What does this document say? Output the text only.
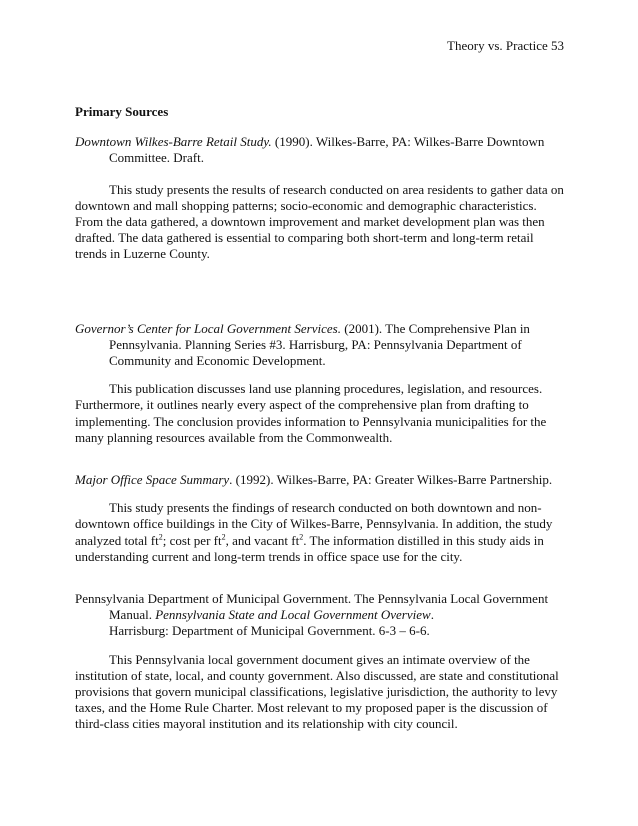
Theory vs. Practice 53

Primary Sources

Downtown Wilkes-Barre Retail Study. (1990). Wilkes-Barre, PA: Wilkes-Barre Downtown Committee. Draft.

This study presents the results of research conducted on area residents to gather data on downtown and mall shopping patterns; socio-economic and demographic characteristics. From the data gathered, a downtown improvement and market development plan was then drafted. The data gathered is essential to comparing both short-term and long-term retail trends in Luzerne County.

Governor’s Center for Local Government Services. (2001). The Comprehensive Plan in Pennsylvania. Planning Series #3. Harrisburg, PA: Pennsylvania Department of Community and Economic Development.

This publication discusses land use planning procedures, legislation, and resources. Furthermore, it outlines nearly every aspect of the comprehensive plan from drafting to implementing. The conclusion provides information to Pennsylvania municipalities for the many planning resources available from the Commonwealth.

Major Office Space Summary. (1992). Wilkes-Barre, PA: Greater Wilkes-Barre Partnership.

This study presents the findings of research conducted on both downtown and non-downtown office buildings in the City of Wilkes-Barre, Pennsylvania. In addition, the study analyzed total $ft^2$; cost per $ft^2$, and vacant $ft^2$. The information distilled in this study aids in understanding current and long-term trends in office space use for the city.

Pennsylvania Department of Municipal Government. The Pennsylvania Local Government Manual. Pennsylvania State and Local Government Overview.

Harrisburg: Department of Municipal Government. 6-3 – 6-6.

This Pennsylvania local government document gives an intimate overview of the institution of state, local, and county government. Also discussed, are state and constitutional provisions that govern municipal classifications, legislative jurisdiction, the authority to levy taxes, and the Home Rule Charter. Most relevant to my proposed paper is the discussion of third-class cities mayoral institution and its relationship with city council.
